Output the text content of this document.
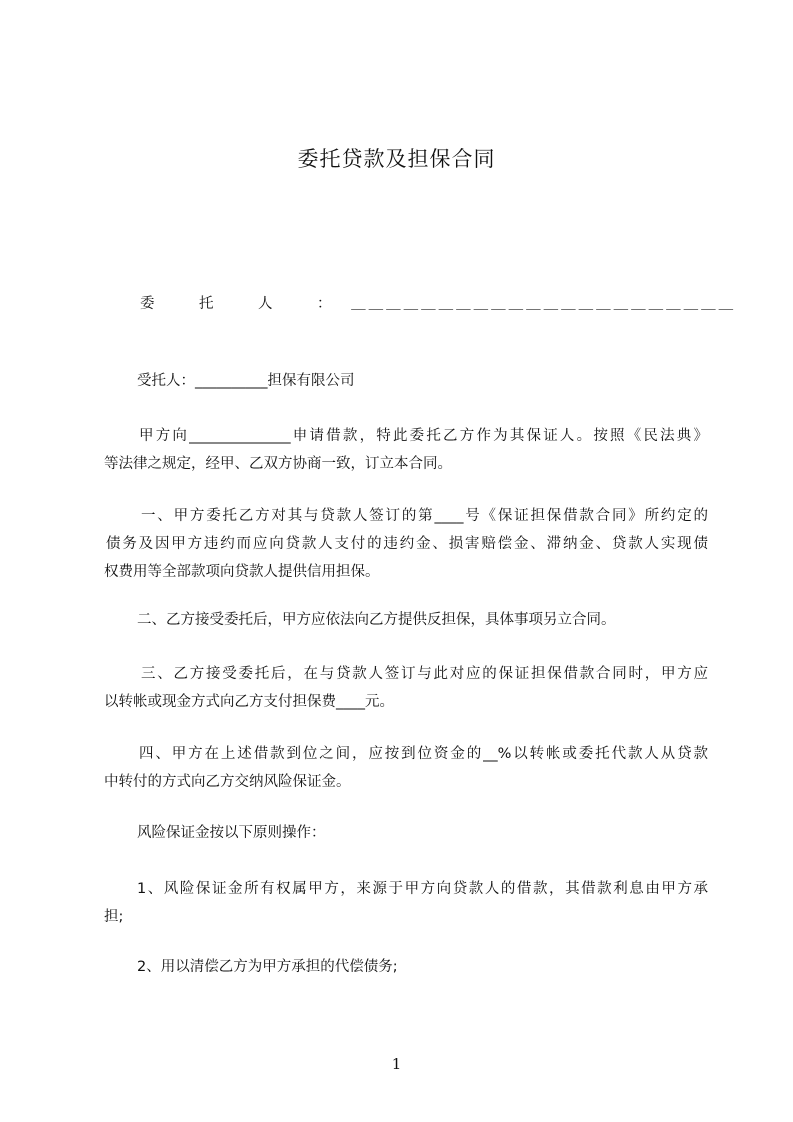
委托贷款及担保合同
委　托　人　： ＿＿＿＿＿＿＿＿＿＿＿＿＿＿＿＿＿＿＿＿＿＿
受托人：__________担保有限公司
甲方向______________申请借款，特此委托乙方作为其保证人。按照《民法典》
等法律之规定，经甲、乙双方协商一致，订立本合同。
一、甲方委托乙方对其与贷款人签订的第____号《保证担保借款合同》所约定的
债务及因甲方违约而应向贷款人支付的违约金、损害赔偿金、滞纳金、贷款人实现债
权费用等全部款项向贷款人提供信用担保。
二、乙方接受委托后，甲方应依法向乙方提供反担保，具体事项另立合同。
三、乙方接受委托后，在与贷款人签订与此对应的保证担保借款合同时，甲方应
以转帐或现金方式向乙方支付担保费____元。
四、甲方在上述借款到位之间，应按到位资金的__%以转帐或委托代款人从贷款
中转付的方式向乙方交纳风险保证金。
风险保证金按以下原则操作：
1、风险保证金所有权属甲方，来源于甲方向贷款人的借款，其借款利息由甲方承
担;
2、用以清偿乙方为甲方承担的代偿债务;
1
